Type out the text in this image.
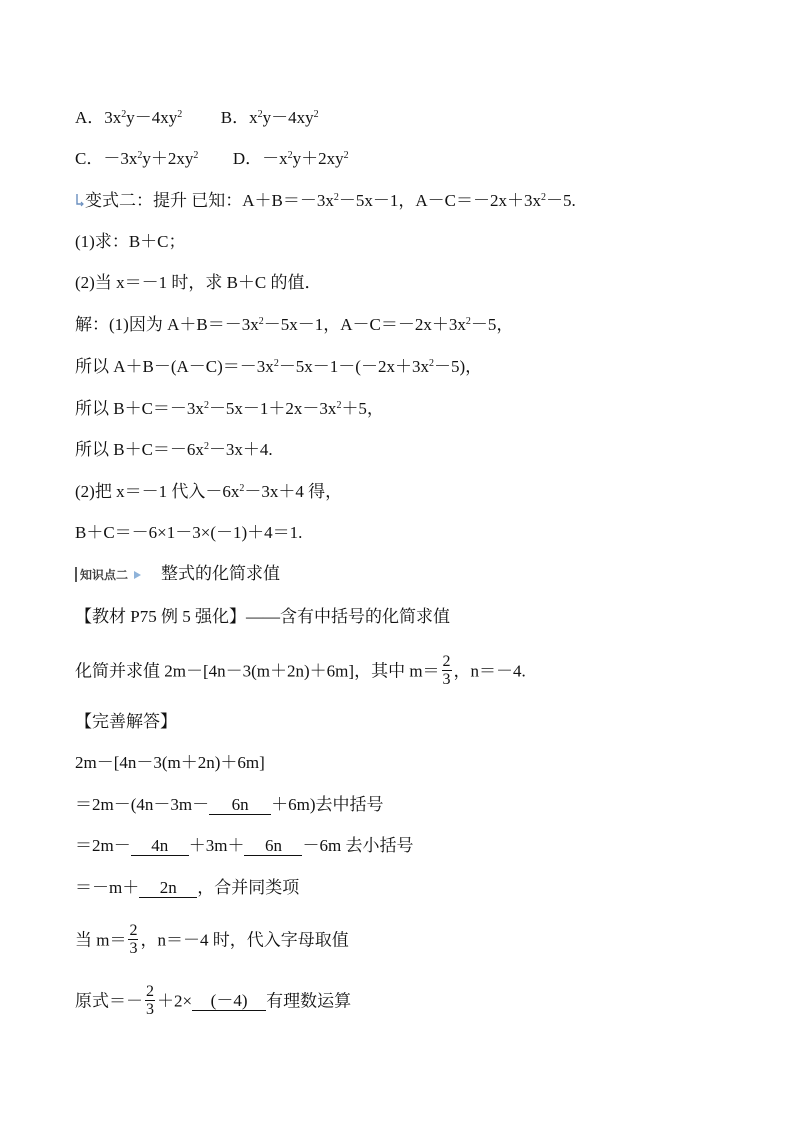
A．$3x^2y-4xy^2$ B．$x^2y-4xy^2$
C．$-3x^2y+2xy^2$ D．$-x^2y+2xy^2$
变式二：提升 已知：$A+B=-3x^2-5x-1$，$A-C=-2x+3x^2-5$.
(1)求：B＋C；
(2)当 x＝－1 时，求 B＋C 的值．
解：(1)因为 $A+B=-3x^2-5x-1$，$A-C=-2x+3x^2-5$，
所以 $A+B-(A-C)=-3x^2-5x-1-(-2x+3x^2-5)$，
所以 $B+C=-3x^2-5x-1+2x-3x^2+5$，
所以 $B+C=-6x^2-3x+4$.
(2)把 x＝－1 代入$-6x^2-3x+4$ 得，
B＋C＝－6×1－3×(－1)＋4＝1.
知识点二 整式的化简求值
【教材 P75 例 5 强化】——含有中括号的化简求值
化简并求值 2m－[4n－3(m＋2n)＋6m]，其中 $m= \frac{2}{3}$ ，n＝－4.
【完善解答】
2m－[4n－3(m＋2n)＋6m]
＝2m－(4n－3m－ 6n ＋6m)去中括号
＝2m－ 4n ＋3m＋ 6n －6m 去小括号
＝－m＋ 2n ，合并同类项
当 $m= \frac{2}{3}$ ，n＝－4 时，代入字母取值
原式＝－ $\frac{2}{3} +2\times (-4)$ 有理数运算
